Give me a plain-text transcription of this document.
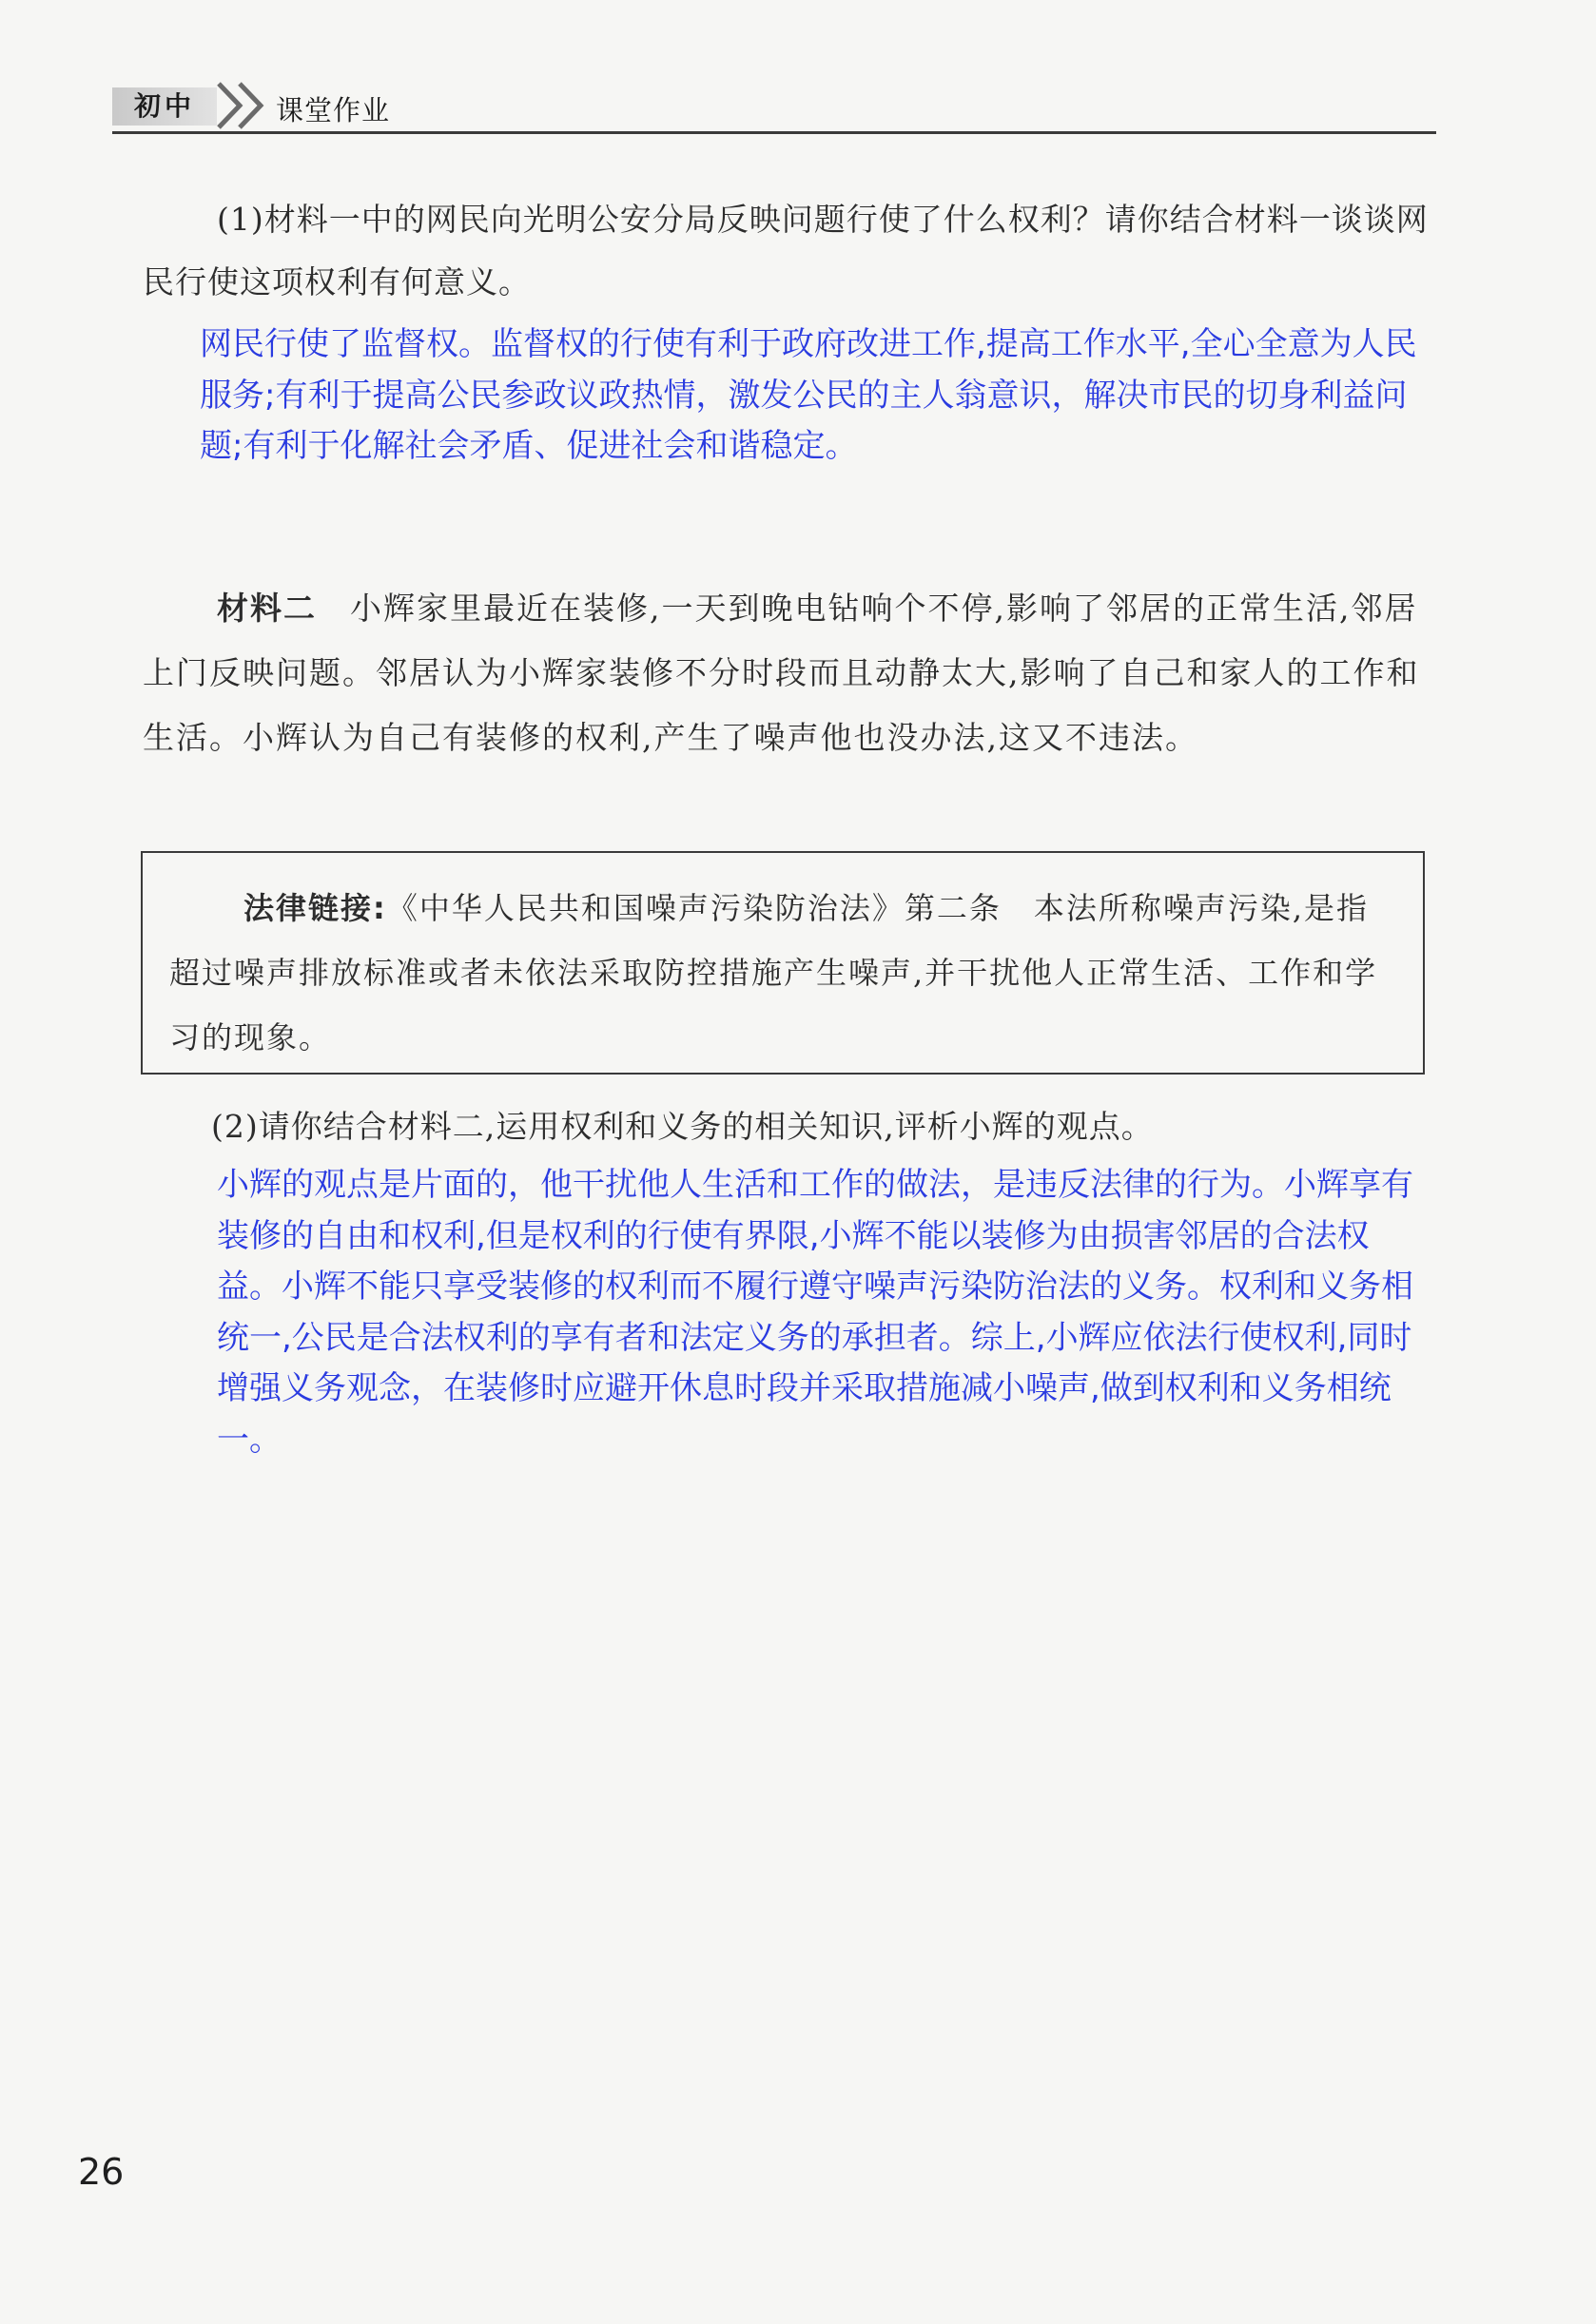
初中	课堂作业

(1)材料一中的网民向光明公安分局反映问题行使了什么权利？请你结合材料一谈谈网民行使这项权利有何意义。

网民行使了监督权。监督权的行使有利于政府改进工作,提高工作水平,全心全意为人民服务;有利于提高公民参政议政热情，激发公民的主人翁意识，解决市民的切身利益问题;有利于化解社会矛盾、促进社会和谐稳定。

材料二　 小辉家里最近在装修,一天到晚电钻响个不停,影响了邻居的正常生活,邻居上门反映问题。邻居认为小辉家装修不分时段而且动静太大,影响了自己和家人的工作和生活。小辉认为自己有装修的权利,产生了噪声他也没办法,这又不违法。

法律链接:《中华人民共和国噪声污染防治法》第二条　本法所称噪声污染,是指超过噪声排放标准或者未依法采取防控措施产生噪声,并干扰他人正常生活、工作和学习的现象。

(2)请你结合材料二,运用权利和义务的相关知识,评析小辉的观点。

小辉的观点是片面的，他干扰他人生活和工作的做法，是违反法律的行为。小辉享有装修的自由和权利,但是权利的行使有界限,小辉不能以装修为由损害邻居的合法权益。小辉不能只享受装修的权利而不履行遵守噪声污染防治法的义务。权利和义务相统一,公民是合法权利的享有者和法定义务的承担者。综上,小辉应依法行使权利,同时增强义务观念，在装修时应避开休息时段并采取措施减小噪声,做到权利和义务相统一。

26
